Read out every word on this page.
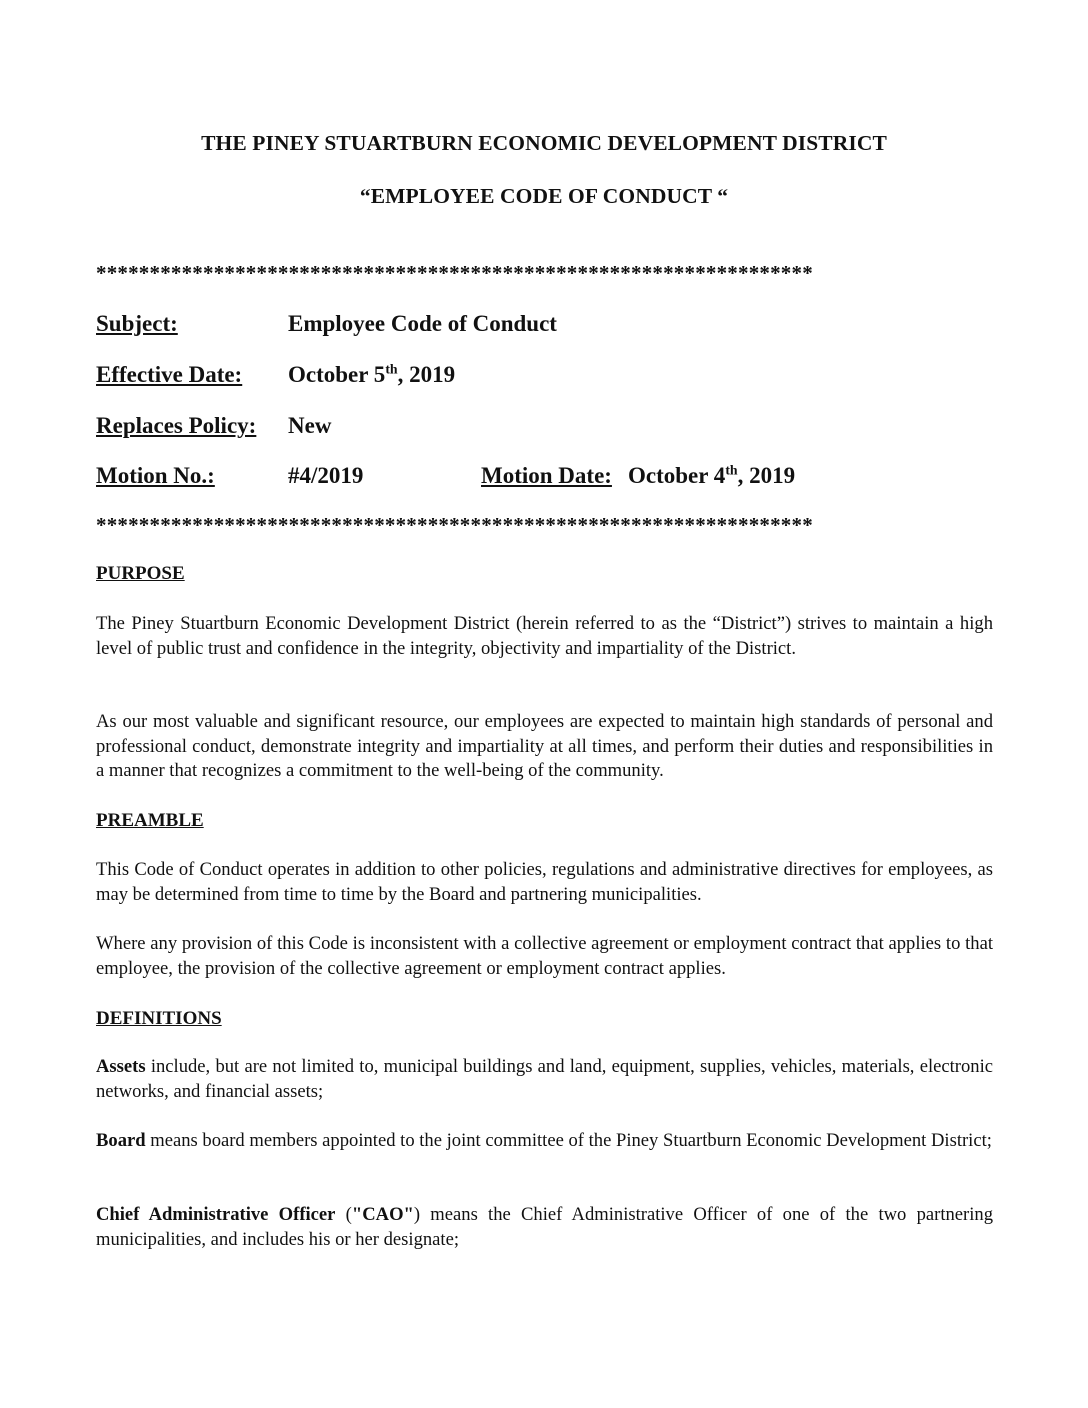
THE PINEY STUARTBURN ECONOMIC DEVELOPMENT DISTRICT
“EMPLOYEE CODE OF CONDUCT “
*******************************************************************
Subject:	Employee Code of Conduct
Effective Date: October 5th, 2019
Replaces Policy: New
Motion No.:	#4/2019	Motion Date: October 4th, 2019
*******************************************************************
PURPOSE

The Piney Stuartburn Economic Development District (herein referred to as the “District”) strives to maintain a high level of public trust and confidence in the integrity, objectivity and impartiality of the District.

As our most valuable and significant resource, our employees are expected to maintain high standards of personal and professional conduct, demonstrate integrity and impartiality at all times, and perform their duties and responsibilities in a manner that recognizes a commitment to the well-being of the community.

PREAMBLE

This Code of Conduct operates in addition to other policies, regulations and administrative directives for employees, as may be determined from time to time by the Board and partnering municipalities.

Where any provision of this Code is inconsistent with a collective agreement or employment contract that applies to that employee, the provision of the collective agreement or employment contract applies.

DEFINITIONS

Assets include, but are not limited to, municipal buildings and land, equipment, supplies, vehicles, materials, electronic networks, and financial assets;

Board means board members appointed to the joint committee of the Piney Stuartburn Economic Development District;

Chief Administrative Officer ("CAO") means the Chief Administrative Officer of one of the two partnering municipalities, and includes his or her designate;
